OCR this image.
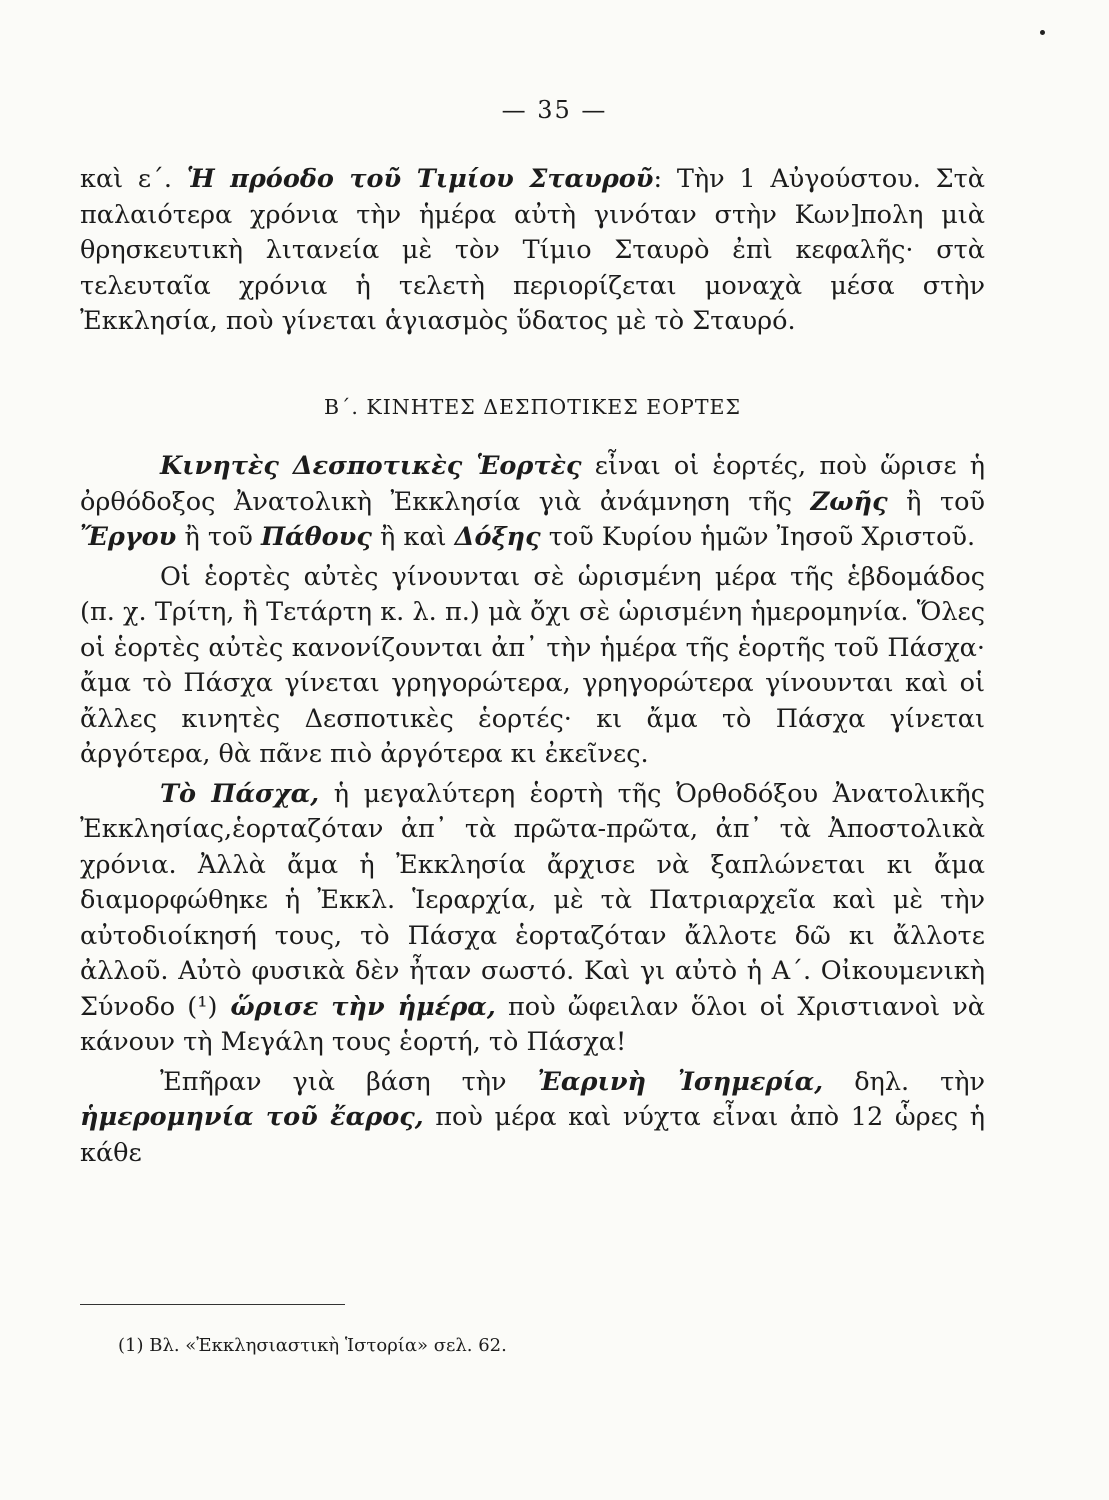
— 35 —

καὶ ε΄. Ἡ πρόοδο τοῦ Τιμίου Σταυροῦ: Τὴν 1 Αὐγούστου. Στὰ παλαιότερα χρόνια τὴν ἡμέρα αὐτὴ γινόταν στὴν Κων]πολη μιὰ θρησκευτικὴ λιτανεία μὲ τὸν Τίμιο Σταυρὸ ἐπὶ κεφαλῆς· στὰ τελευταῖα χρόνια ἡ τελετὴ περιορίζεται μοναχὰ μέσα στὴν Ἐκκλησία, ποὺ γίνεται ἁγιασμὸς ὕδατος μὲ τὸ Σταυρό.

Β΄. ΚΙΝΗΤΕΣ ΔΕΣΠΟΤΙΚΕΣ ΕΟΡΤΕΣ

Κινητὲς Δεσποτικὲς Ἑορτὲς εἶναι οἱ ἑορτές, ποὺ ὥρισε ἡ ὀρθόδοξος Ἀνατολικὴ Ἐκκλησία γιὰ ἀνάμνηση τῆς Ζωῆς ἢ τοῦ Ἔργου ἢ τοῦ Πάθους ἢ καὶ Δόξης τοῦ Κυρίου ἡμῶν Ἰησοῦ Χριστοῦ.

Οἱ ἑορτὲς αὐτὲς γίνουνται σὲ ὡρισμένη μέρα τῆς ἑβδομάδος (π. χ. Τρίτη, ἢ Τετάρτη κ. λ. π.) μὰ ὄχι σὲ ὡρισμένη ἡμερομηνία. Ὅλες οἱ ἑορτὲς αὐτὲς κανονίζουνται ἀπ᾽ τὴν ἡμέρα τῆς ἑορτῆς τοῦ Πάσχα· ἄμα τὸ Πάσχα γίνεται γρηγορώτερα, γρηγορώτερα γίνουνται καὶ οἱ ἄλλες κινητὲς Δεσποτικὲς ἑορτές· κι ἄμα τὸ Πάσχα γίνεται ἀργότερα, θὰ πᾶνε πιὸ ἀργότερα κι ἐκεῖνες.

Τὸ Πάσχα, ἡ μεγαλύτερη ἑορτὴ τῆς Ὀρθοδόξου Ἀνατολικῆς Ἐκκλησίας,ἑορταζόταν ἀπ᾽ τὰ πρῶτα-πρῶτα, ἀπ᾽ τὰ Ἀποστολικὰ χρόνια. Ἀλλὰ ἄμα ἡ Ἐκκλησία ἄρχισε νὰ ξαπλώνεται κι ἄμα διαμορφώθηκε ἡ Ἐκκλ. Ἱεραρχία, μὲ τὰ Πατριαρχεῖα καὶ μὲ τὴν αὐτοδιοίκησή τους, τὸ Πάσχα ἑορταζόταν ἄλλοτε δῶ κι ἄλλοτε ἀλλοῦ. Αὐτὸ φυσικὰ δὲν ἦταν σωστό. Καὶ γι αὐτὸ ἡ Α΄. Οἰκουμενικὴ Σύνοδο (¹) ὥρισε τὴν ἡμέρα, ποὺ ὤφειλαν ὅλοι οἱ Χριστιανοὶ νὰ κάνουν τὴ Μεγάλη τους ἑορτή, τὸ Πάσχα!

Ἐπῆραν γιὰ βάση τὴν Ἐαρινὴ Ἰσημερία, δηλ. τὴν ἡμερομηνία τοῦ ἔαρος, ποὺ μέρα καὶ νύχτα εἶναι ἀπὸ 12 ὧρες ἡ κάθε

(1) Βλ. «Ἐκκλησιαστικὴ Ἱστορία» σελ. 62.
